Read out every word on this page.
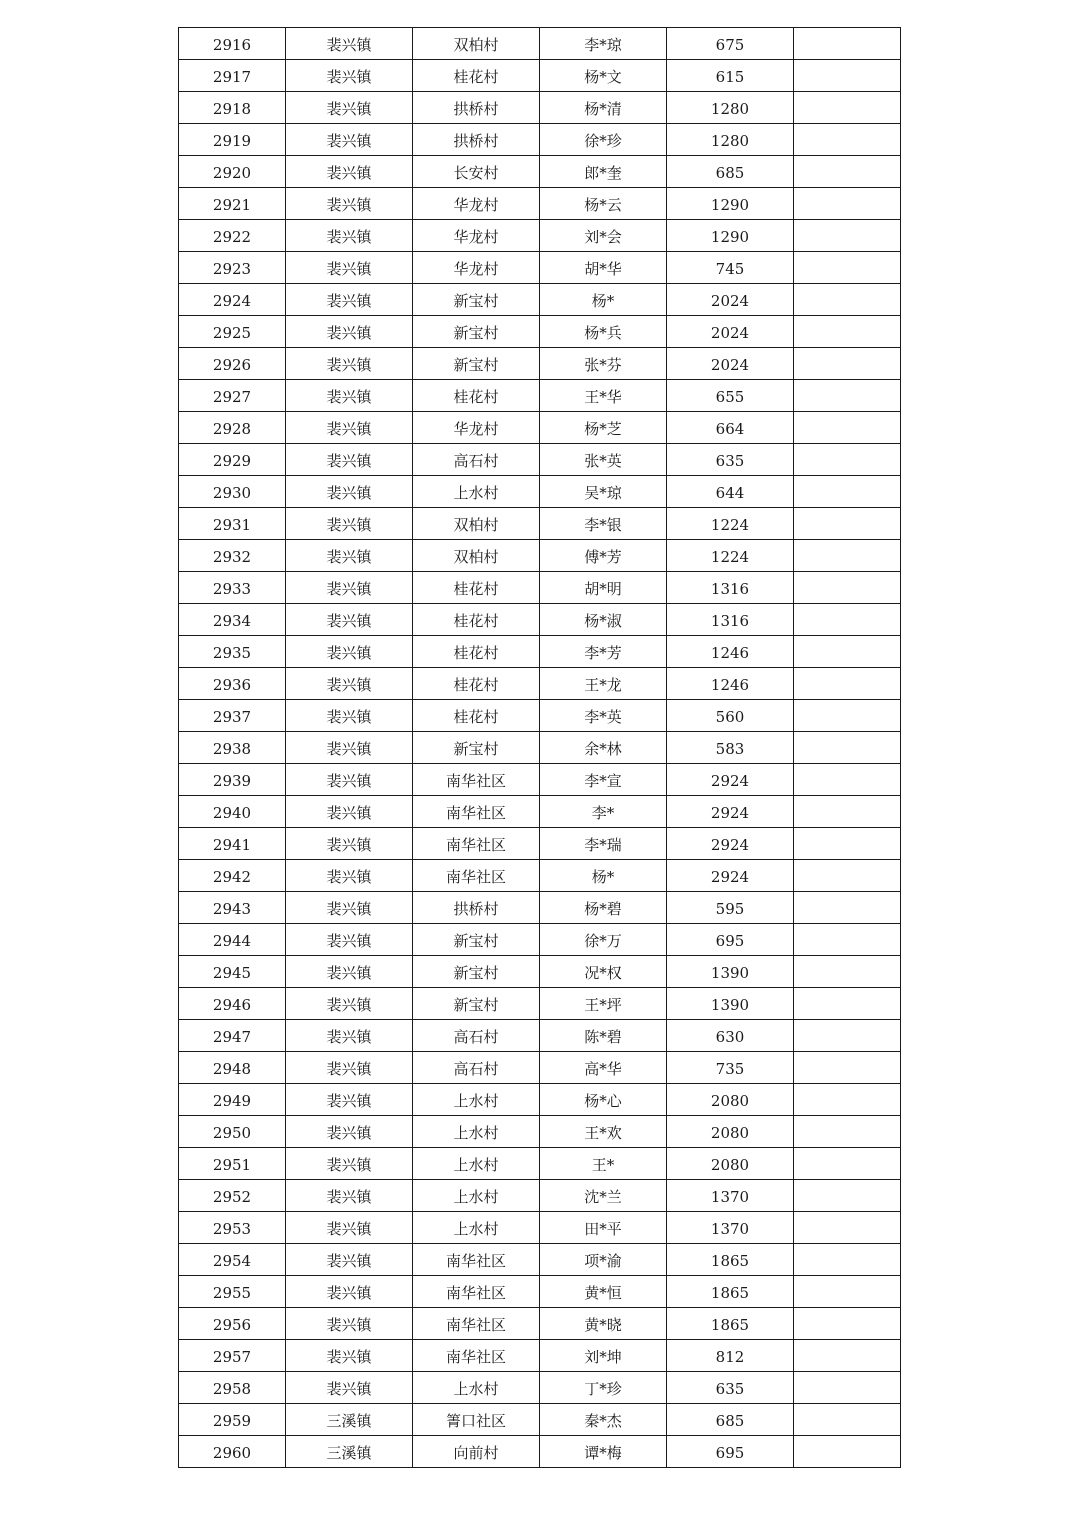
2916	裴兴镇	双柏村	李*琼	675	
2917	裴兴镇	桂花村	杨*文	615	
2918	裴兴镇	拱桥村	杨*清	1280	
2919	裴兴镇	拱桥村	徐*珍	1280	
2920	裴兴镇	长安村	郎*奎	685	
2921	裴兴镇	华龙村	杨*云	1290	
2922	裴兴镇	华龙村	刘*会	1290	
2923	裴兴镇	华龙村	胡*华	745	
2924	裴兴镇	新宝村	杨*	2024	
2925	裴兴镇	新宝村	杨*兵	2024	
2926	裴兴镇	新宝村	张*芬	2024	
2927	裴兴镇	桂花村	王*华	655	
2928	裴兴镇	华龙村	杨*芝	664	
2929	裴兴镇	高石村	张*英	635	
2930	裴兴镇	上水村	吴*琼	644	
2931	裴兴镇	双柏村	李*银	1224	
2932	裴兴镇	双柏村	傅*芳	1224	
2933	裴兴镇	桂花村	胡*明	1316	
2934	裴兴镇	桂花村	杨*淑	1316	
2935	裴兴镇	桂花村	李*芳	1246	
2936	裴兴镇	桂花村	王*龙	1246	
2937	裴兴镇	桂花村	李*英	560	
2938	裴兴镇	新宝村	余*林	583	
2939	裴兴镇	南华社区	李*宣	2924	
2940	裴兴镇	南华社区	李*	2924	
2941	裴兴镇	南华社区	李*瑞	2924	
2942	裴兴镇	南华社区	杨*	2924	
2943	裴兴镇	拱桥村	杨*碧	595	
2944	裴兴镇	新宝村	徐*万	695	
2945	裴兴镇	新宝村	况*权	1390	
2946	裴兴镇	新宝村	王*坪	1390	
2947	裴兴镇	高石村	陈*碧	630	
2948	裴兴镇	高石村	高*华	735	
2949	裴兴镇	上水村	杨*心	2080	
2950	裴兴镇	上水村	王*欢	2080	
2951	裴兴镇	上水村	王*	2080	
2952	裴兴镇	上水村	沈*兰	1370	
2953	裴兴镇	上水村	田*平	1370	
2954	裴兴镇	南华社区	项*渝	1865	
2955	裴兴镇	南华社区	黄*恒	1865	
2956	裴兴镇	南华社区	黄*晓	1865	
2957	裴兴镇	南华社区	刘*坤	812	
2958	裴兴镇	上水村	丁*珍	635	
2959	三溪镇	箐口社区	秦*杰	685	
2960	三溪镇	向前村	谭*梅	695	
